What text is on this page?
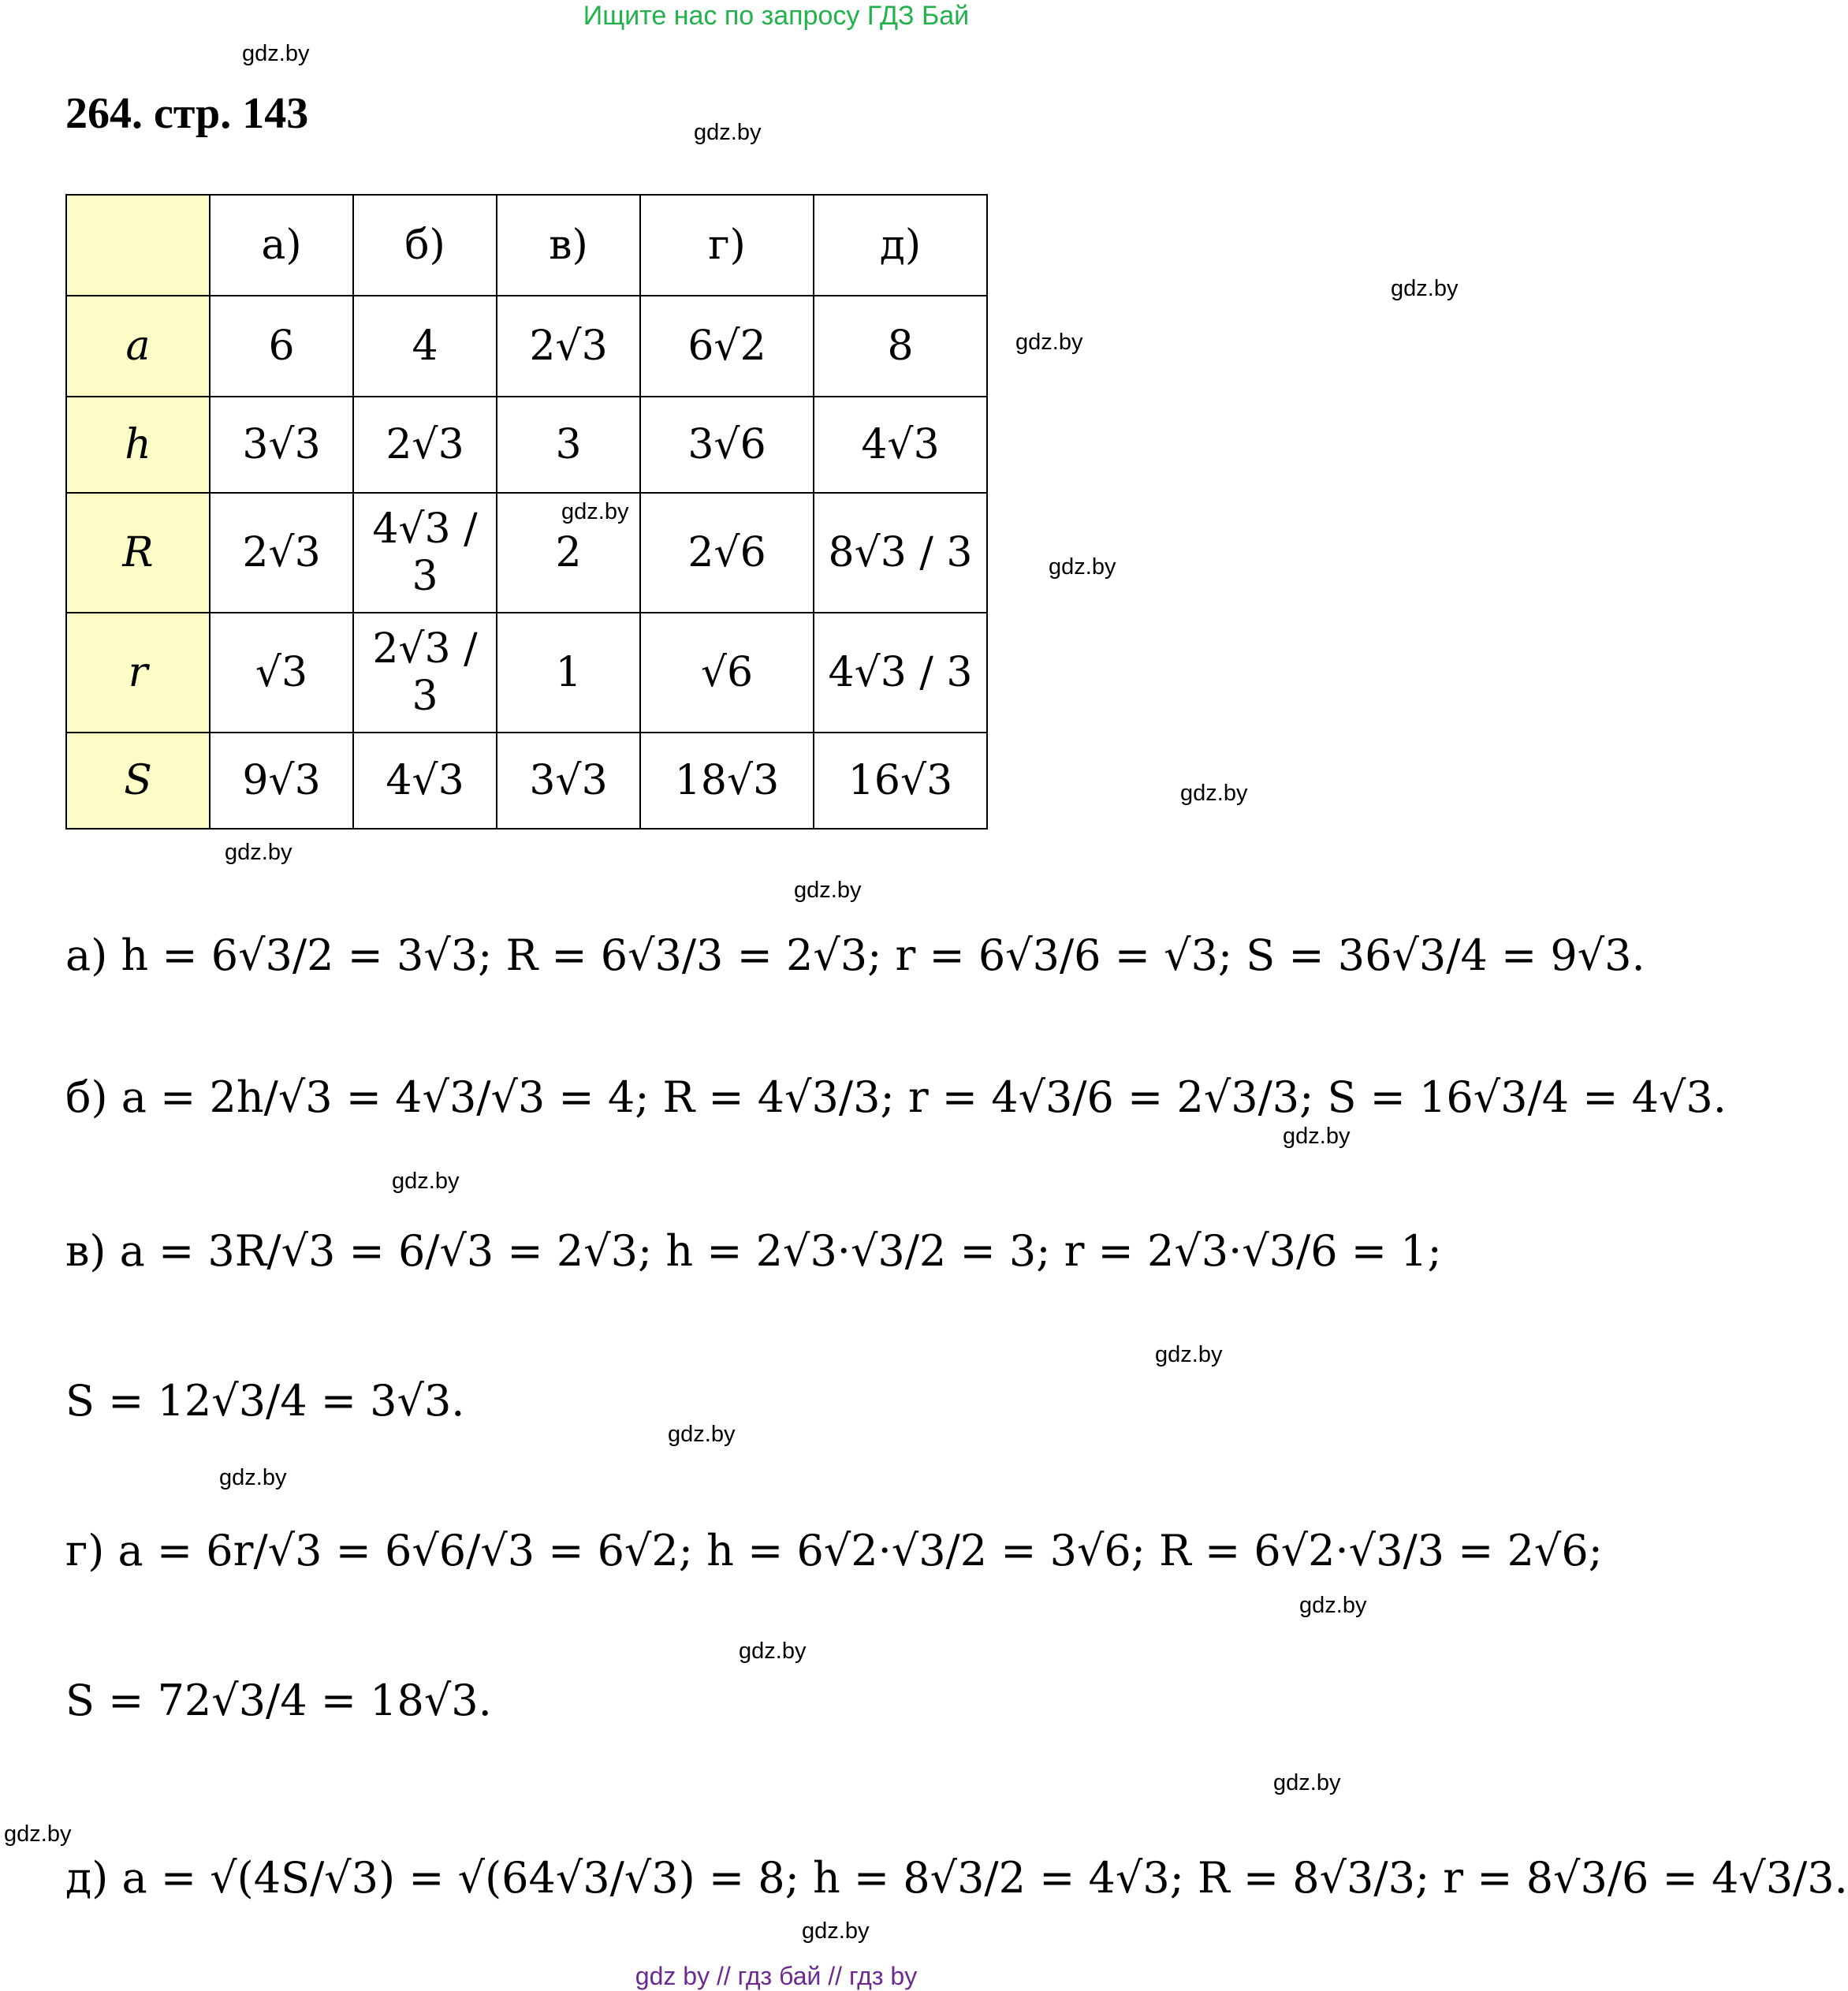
Ищите нас по запросу ГДЗ Бай
gdz.by
gdz.by
gdz.by
gdz.by
gdz.by
gdz.by
gdz.by
gdz.by
gdz.by
gdz.by
gdz.by
gdz.by
gdz.by
gdz.by
gdz.by
gdz.by
gdz.by
gdz.by
gdz.by
264. стр. 143
	а)	б)	в)	г)	д)
a	6	4	2√3	6√2	8
h	3√3	2√3	3	3√6	4√3
R	2√3	4√3 / 3	2	2√6	8√3 / 3
r	√3	2√3 / 3	1	√6	4√3 / 3
S	9√3	4√3	3√3	18√3	16√3
а) h = 6√3/2 = 3√3; R = 6√3/3 = 2√3; r = 6√3/6 = √3; S = 36√3/4 = 9√3.
б) a = 2h/√3 = 4√3/√3 = 4; R = 4√3/3; r = 4√3/6 = 2√3/3; S = 16√3/4 = 4√3.
в) a = 3R/√3 = 6/√3 = 2√3; h = 2√3·√3/2 = 3; r = 2√3·√3/6 = 1;
S = 12√3/4 = 3√3.
г) a = 6r/√3 = 6√6/√3 = 6√2; h = 6√2·√3/2 = 3√6; R = 6√2·√3/3 = 2√6;
S = 72√3/4 = 18√3.
д) a = √(4S/√3) = √(64√3/√3) = 8; h = 8√3/2 = 4√3; R = 8√3/3; r = 8√3/6 = 4√3/3.
gdz by // гдз бай // гдз by
